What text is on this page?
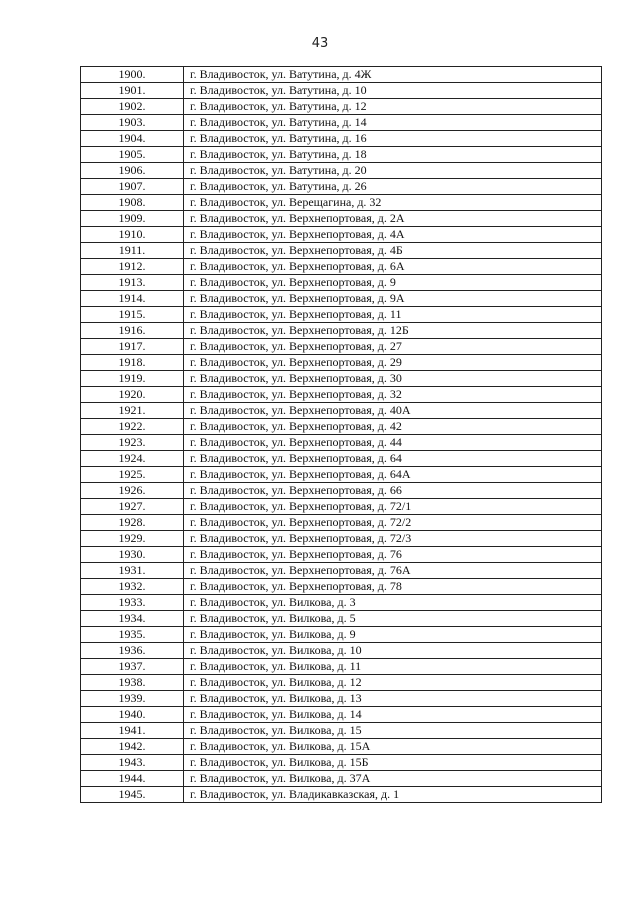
43
1900.	г. Владивосток, ул. Ватутина, д. 4Ж
1901.	г. Владивосток, ул. Ватутина, д. 10
1902.	г. Владивосток, ул. Ватутина, д. 12
1903.	г. Владивосток, ул. Ватутина, д. 14
1904.	г. Владивосток, ул. Ватутина, д. 16
1905.	г. Владивосток, ул. Ватутина, д. 18
1906.	г. Владивосток, ул. Ватутина, д. 20
1907.	г. Владивосток, ул. Ватутина, д. 26
1908.	г. Владивосток, ул. Верещагина, д. 32
1909.	г. Владивосток, ул. Верхнепортовая, д. 2А
1910.	г. Владивосток, ул. Верхнепортовая, д. 4А
1911.	г. Владивосток, ул. Верхнепортовая, д. 4Б
1912.	г. Владивосток, ул. Верхнепортовая, д. 6А
1913.	г. Владивосток, ул. Верхнепортовая, д. 9
1914.	г. Владивосток, ул. Верхнепортовая, д. 9А
1915.	г. Владивосток, ул. Верхнепортовая, д. 11
1916.	г. Владивосток, ул. Верхнепортовая, д. 12Б
1917.	г. Владивосток, ул. Верхнепортовая, д. 27
1918.	г. Владивосток, ул. Верхнепортовая, д. 29
1919.	г. Владивосток, ул. Верхнепортовая, д. 30
1920.	г. Владивосток, ул. Верхнепортовая, д. 32
1921.	г. Владивосток, ул. Верхнепортовая, д. 40А
1922.	г. Владивосток, ул. Верхнепортовая, д. 42
1923.	г. Владивосток, ул. Верхнепортовая, д. 44
1924.	г. Владивосток, ул. Верхнепортовая, д. 64
1925.	г. Владивосток, ул. Верхнепортовая, д. 64А
1926.	г. Владивосток, ул. Верхнепортовая, д. 66
1927.	г. Владивосток, ул. Верхнепортовая, д. 72/1
1928.	г. Владивосток, ул. Верхнепортовая, д. 72/2
1929.	г. Владивосток, ул. Верхнепортовая, д. 72/3
1930.	г. Владивосток, ул. Верхнепортовая, д. 76
1931.	г. Владивосток, ул. Верхнепортовая, д. 76А
1932.	г. Владивосток, ул. Верхнепортовая, д. 78
1933.	г. Владивосток, ул. Вилкова, д. 3
1934.	г. Владивосток, ул. Вилкова, д. 5
1935.	г. Владивосток, ул. Вилкова, д. 9
1936.	г. Владивосток, ул. Вилкова, д. 10
1937.	г. Владивосток, ул. Вилкова, д. 11
1938.	г. Владивосток, ул. Вилкова, д. 12
1939.	г. Владивосток, ул. Вилкова, д. 13
1940.	г. Владивосток, ул. Вилкова, д. 14
1941.	г. Владивосток, ул. Вилкова, д. 15
1942.	г. Владивосток, ул. Вилкова, д. 15А
1943.	г. Владивосток, ул. Вилкова, д. 15Б
1944.	г. Владивосток, ул. Вилкова, д. 37А
1945.	г. Владивосток, ул. Владикавказская, д. 1
